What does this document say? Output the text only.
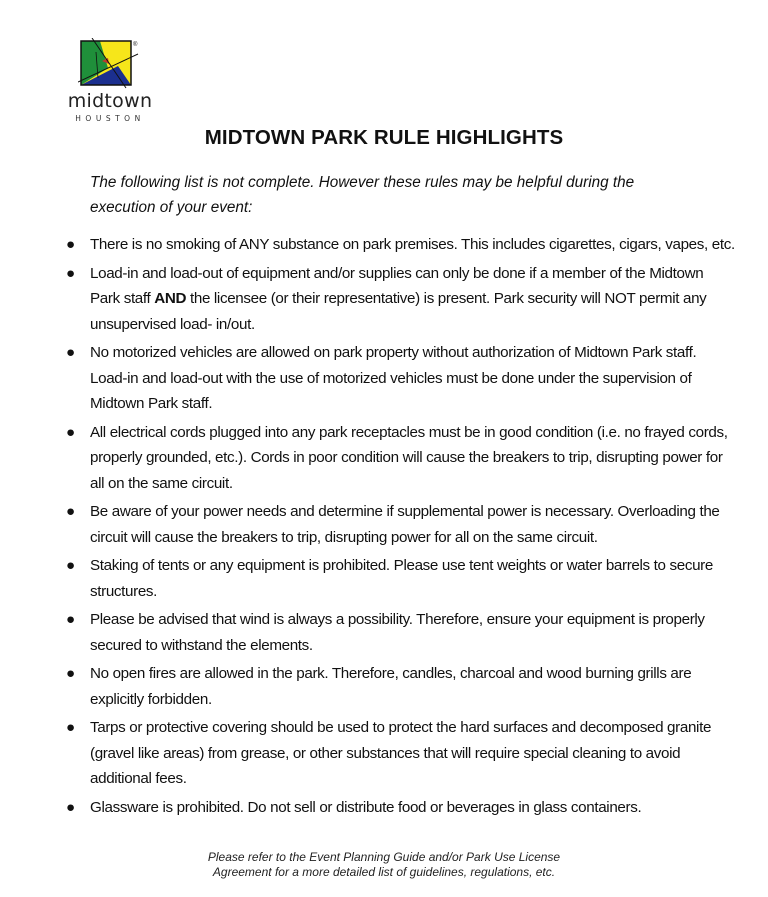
®
midtown
HOUSTON
MIDTOWN PARK RULE HIGHLIGHTS
The following list is not complete. However these rules may be helpful during the execution of your event:
● There is no smoking of ANY substance on park premises. This includes cigarettes, cigars, vapes, etc.
● Load-in and load-out of equipment and/or supplies can only be done if a member of the Midtown Park staff AND the licensee (or their representative) is present. Park security will NOT permit any unsupervised load- in/out.
● No motorized vehicles are allowed on park property without authorization of Midtown Park staff. Load-in and load-out with the use of motorized vehicles must be done under the supervision of Midtown Park staff.
● All electrical cords plugged into any park receptacles must be in good condition (i.e. no frayed cords, properly grounded, etc.). Cords in poor condition will cause the breakers to trip, disrupting power for all on the same circuit.
● Be aware of your power needs and determine if supplemental power is necessary. Overloading the circuit will cause the breakers to trip, disrupting power for all on the same circuit.
● Staking of tents or any equipment is prohibited. Please use tent weights or water barrels to secure structures.
● Please be advised that wind is always a possibility. Therefore, ensure your equipment is properly secured to withstand the elements.
● No open fires are allowed in the park. Therefore, candles, charcoal and wood burning grills are explicitly forbidden.
● Tarps or protective covering should be used to protect the hard surfaces and decomposed granite (gravel like areas) from grease, or other substances that will require special cleaning to avoid additional fees.
● Glassware is prohibited. Do not sell or distribute food or beverages in glass containers.
Please refer to the Event Planning Guide and/or Park Use License
Agreement for a more detailed list of guidelines, regulations, etc.
